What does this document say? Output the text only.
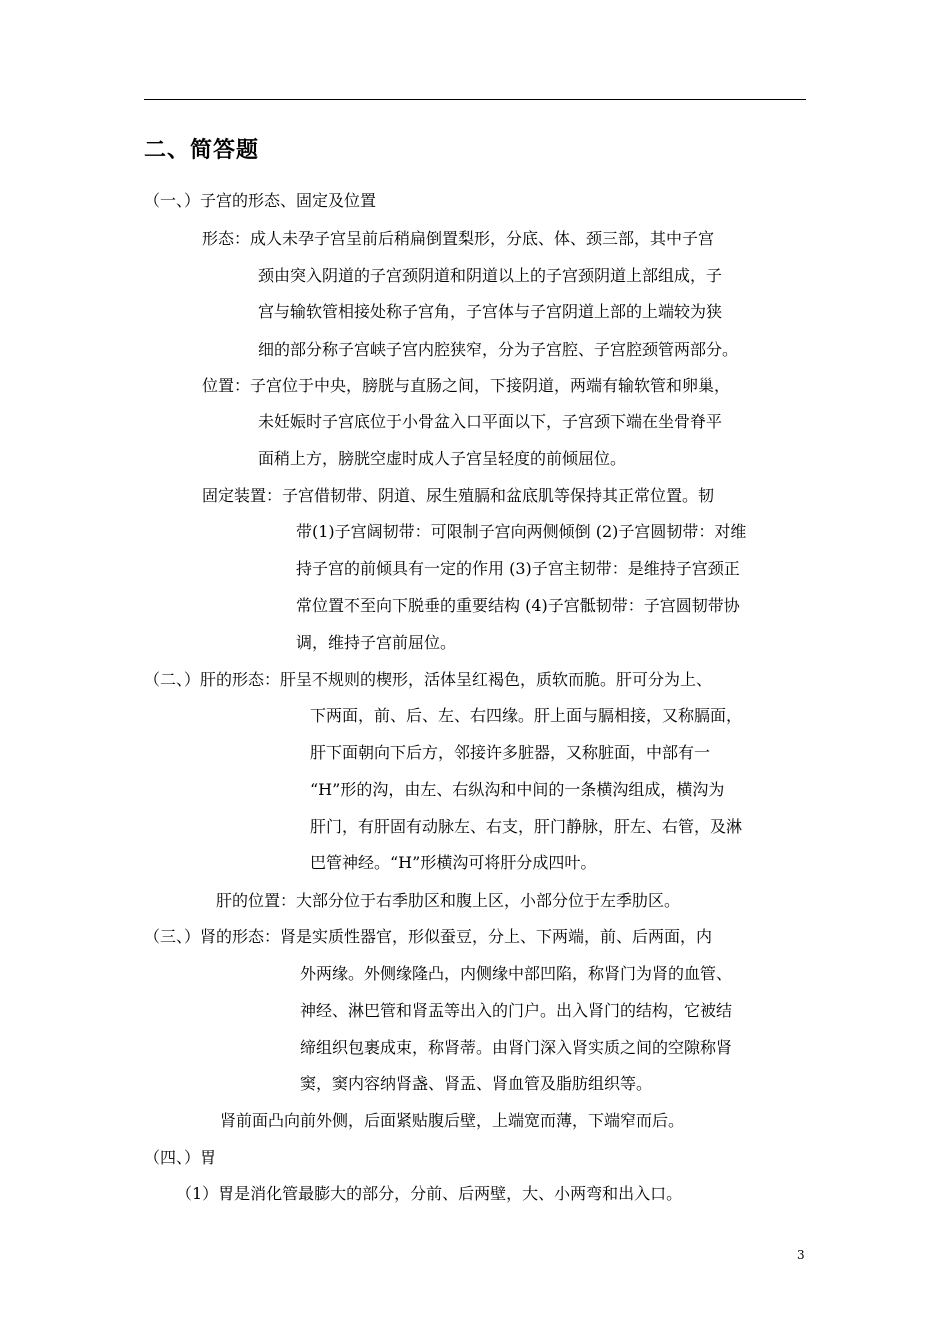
二、简答题
（一、）子宫的形态、固定及位置
形态：成人未孕子宫呈前后稍扁倒置梨形，分底、体、颈三部，其中子宫
颈由突入阴道的子宫颈阴道和阴道以上的子宫颈阴道上部组成，子
宫与输软管相接处称子宫角，子宫体与子宫阴道上部的上端较为狭
细的部分称子宫峡子宫内腔狭窄，分为子宫腔、子宫腔颈管两部分。
位置：子宫位于中央，膀胱与直肠之间，下接阴道，两端有输软管和卵巢，
未妊娠时子宫底位于小骨盆入口平面以下，子宫颈下端在坐骨脊平
面稍上方，膀胱空虚时成人子宫呈轻度的前倾屈位。
固定装置：子宫借韧带、阴道、尿生殖膈和盆底肌等保持其正常位置。韧
带(1)子宫阔韧带：可限制子宫向两侧倾倒 (2)子宫圆韧带：对维
持子宫的前倾具有一定的作用 (3)子宫主韧带：是维持子宫颈正
常位置不至向下脱垂的重要结构 (4)子宫骶韧带：子宫圆韧带协
调，维持子宫前屈位。
（二、）肝的形态：肝呈不规则的楔形，活体呈红褐色，质软而脆。肝可分为上、
下两面，前、后、左、右四缘。肝上面与膈相接，又称膈面，
肝下面朝向下后方，邻接许多脏器，又称脏面，中部有一
“H”形的沟，由左、右纵沟和中间的一条横沟组成，横沟为
肝门，有肝固有动脉左、右支，肝门静脉，肝左、右管，及淋
巴管神经。“H”形横沟可将肝分成四叶。
肝的位置：大部分位于右季肋区和腹上区，小部分位于左季肋区。
（三、）肾的形态：肾是实质性器官，形似蚕豆，分上、下两端，前、后两面，内
外两缘。外侧缘隆凸，内侧缘中部凹陷，称肾门为肾的血管、
神经、淋巴管和肾盂等出入的门户。出入肾门的结构，它被结
缔组织包裹成束，称肾蒂。由肾门深入肾实质之间的空隙称肾
窦，窦内容纳肾盏、肾盂、肾血管及脂肪组织等。
肾前面凸向前外侧，后面紧贴腹后壁，上端宽而薄，下端窄而后。
（四、）胃
（1）胃是消化管最膨大的部分，分前、后两壁，大、小两弯和出入口。
3
